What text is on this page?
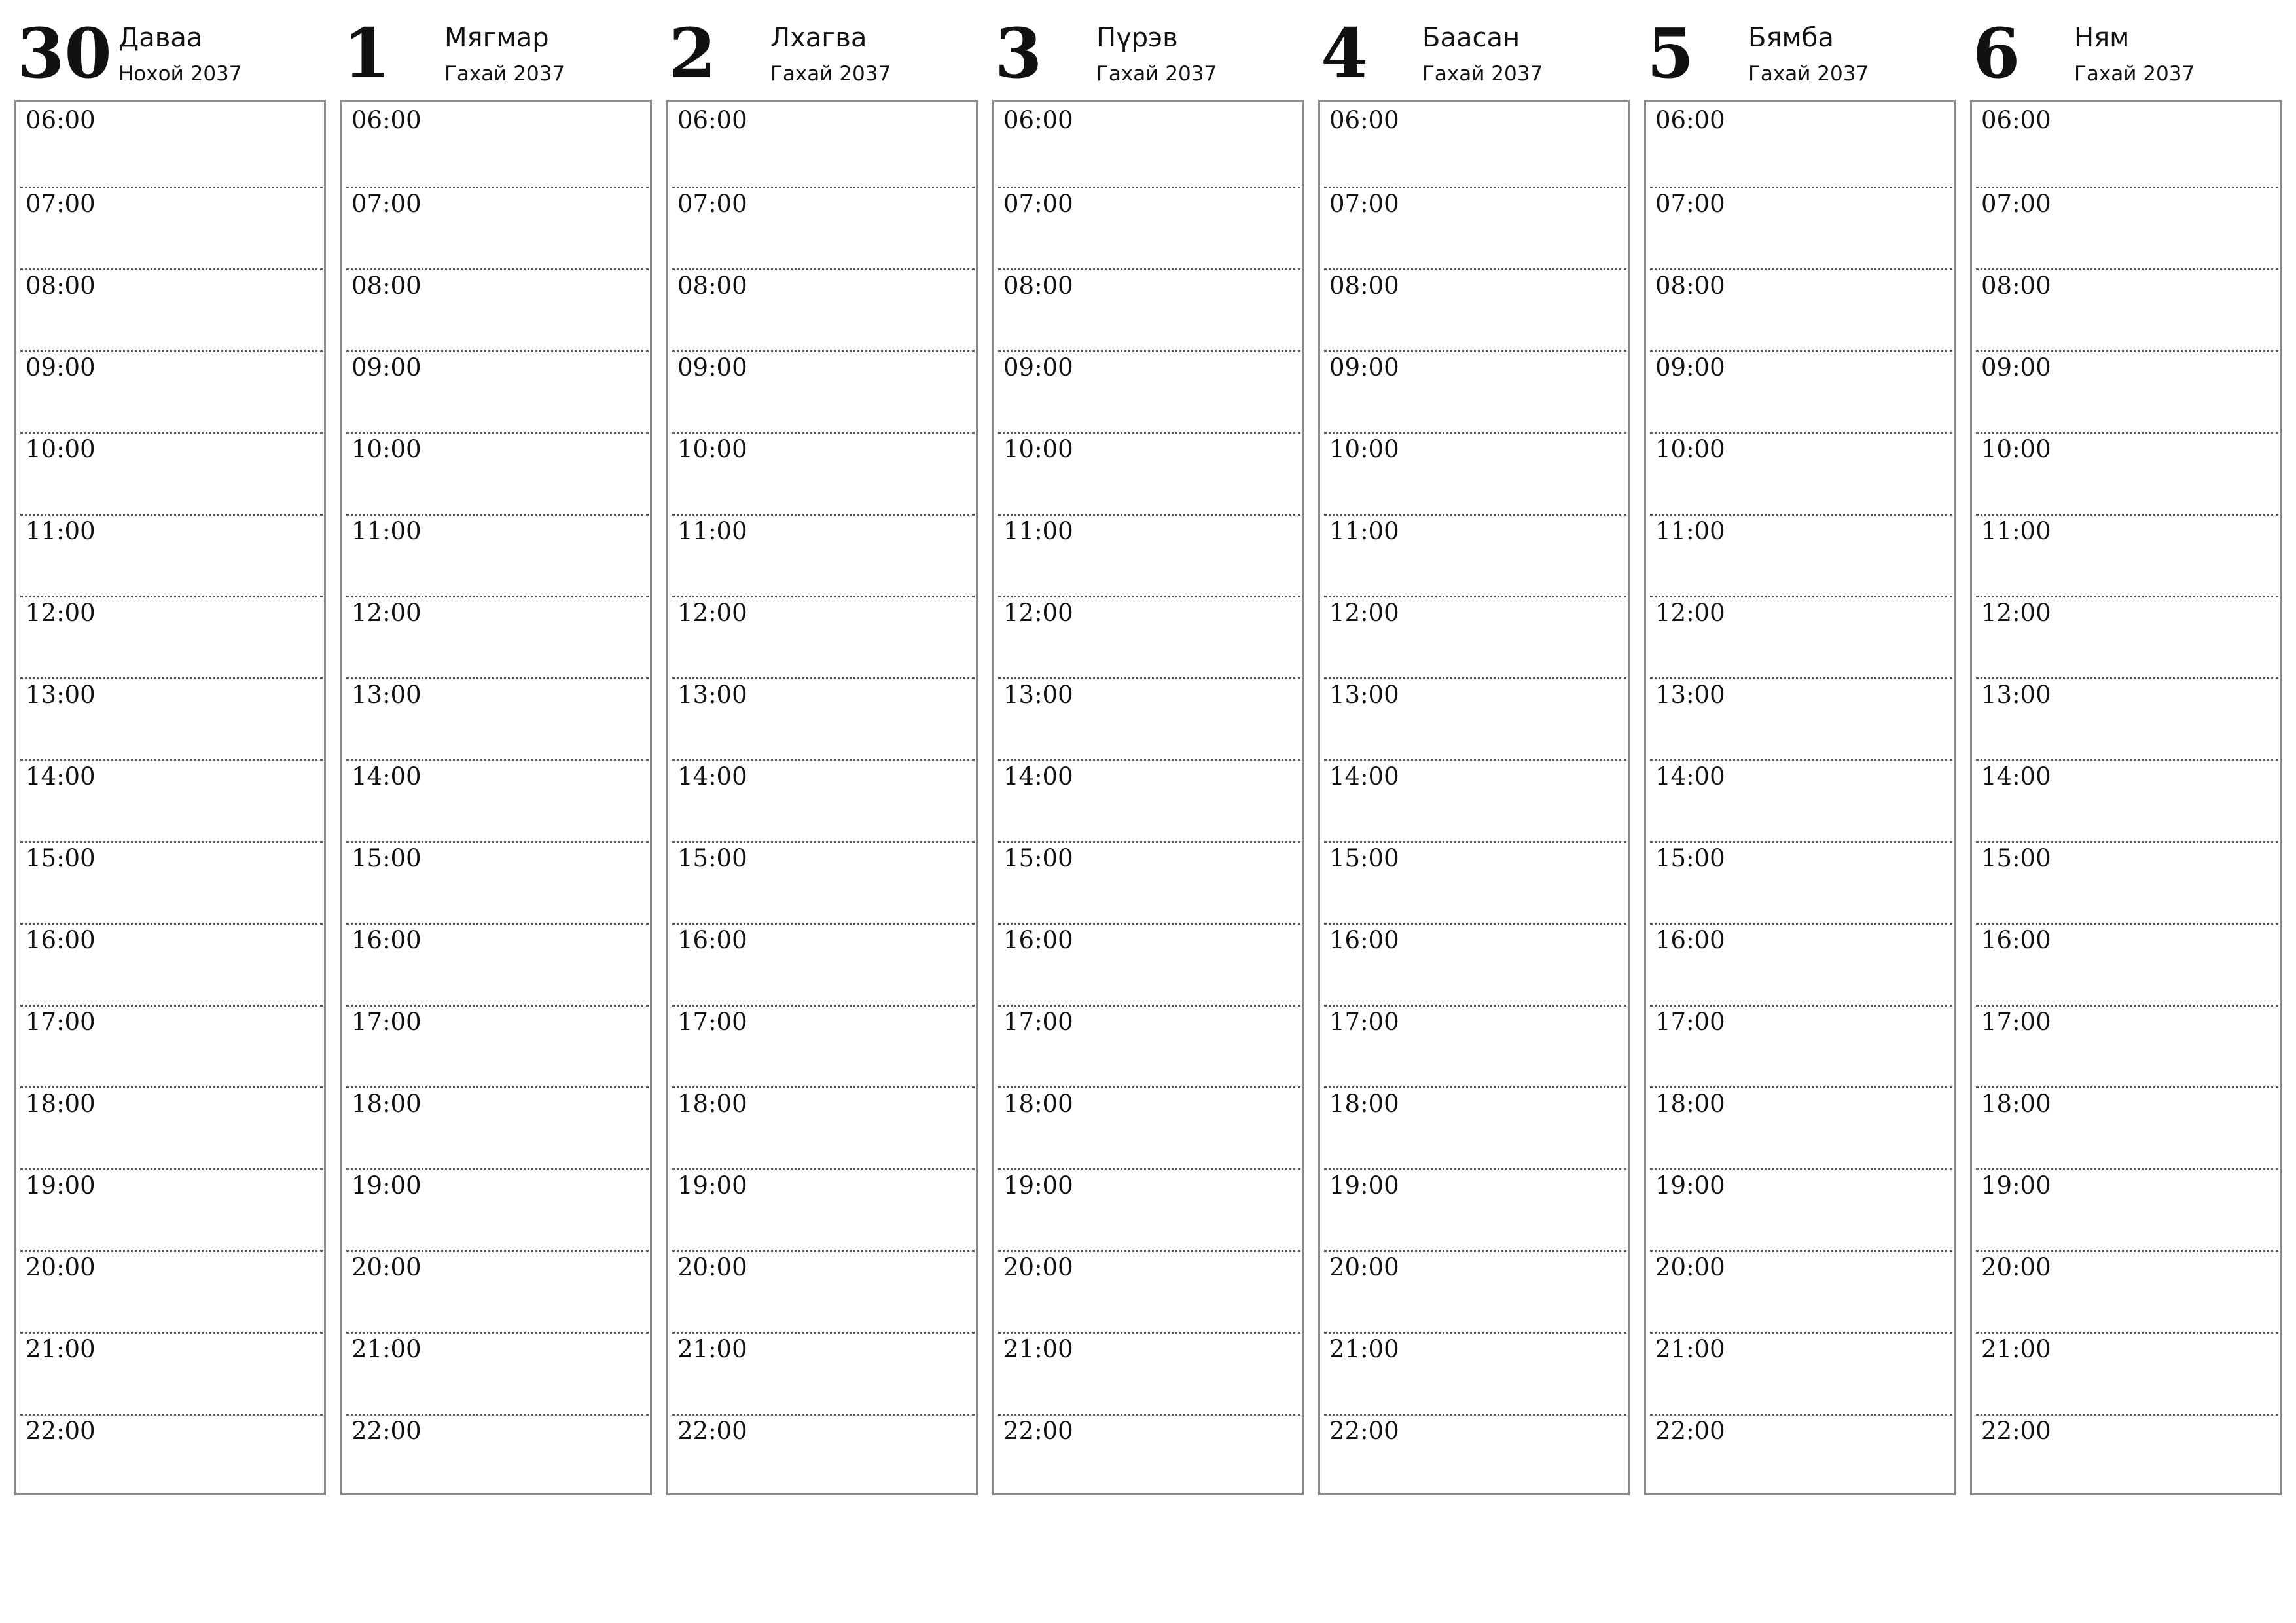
30 Даваа
Нохой 2037
06:00
07:00
08:00
09:00
10:00
11:00
12:00
13:00
14:00
15:00
16:00
17:00
18:00
19:00
20:00
21:00
22:00
1 Мягмар
Гахай 2037
06:00
07:00
08:00
09:00
10:00
11:00
12:00
13:00
14:00
15:00
16:00
17:00
18:00
19:00
20:00
21:00
22:00
2 Лхагва
Гахай 2037
06:00
07:00
08:00
09:00
10:00
11:00
12:00
13:00
14:00
15:00
16:00
17:00
18:00
19:00
20:00
21:00
22:00
3 Пүрэв
Гахай 2037
06:00
07:00
08:00
09:00
10:00
11:00
12:00
13:00
14:00
15:00
16:00
17:00
18:00
19:00
20:00
21:00
22:00
4 Баасан
Гахай 2037
06:00
07:00
08:00
09:00
10:00
11:00
12:00
13:00
14:00
15:00
16:00
17:00
18:00
19:00
20:00
21:00
22:00
5 Бямба
Гахай 2037
06:00
07:00
08:00
09:00
10:00
11:00
12:00
13:00
14:00
15:00
16:00
17:00
18:00
19:00
20:00
21:00
22:00
6 Ням
Гахай 2037
06:00
07:00
08:00
09:00
10:00
11:00
12:00
13:00
14:00
15:00
16:00
17:00
18:00
19:00
20:00
21:00
22:00
